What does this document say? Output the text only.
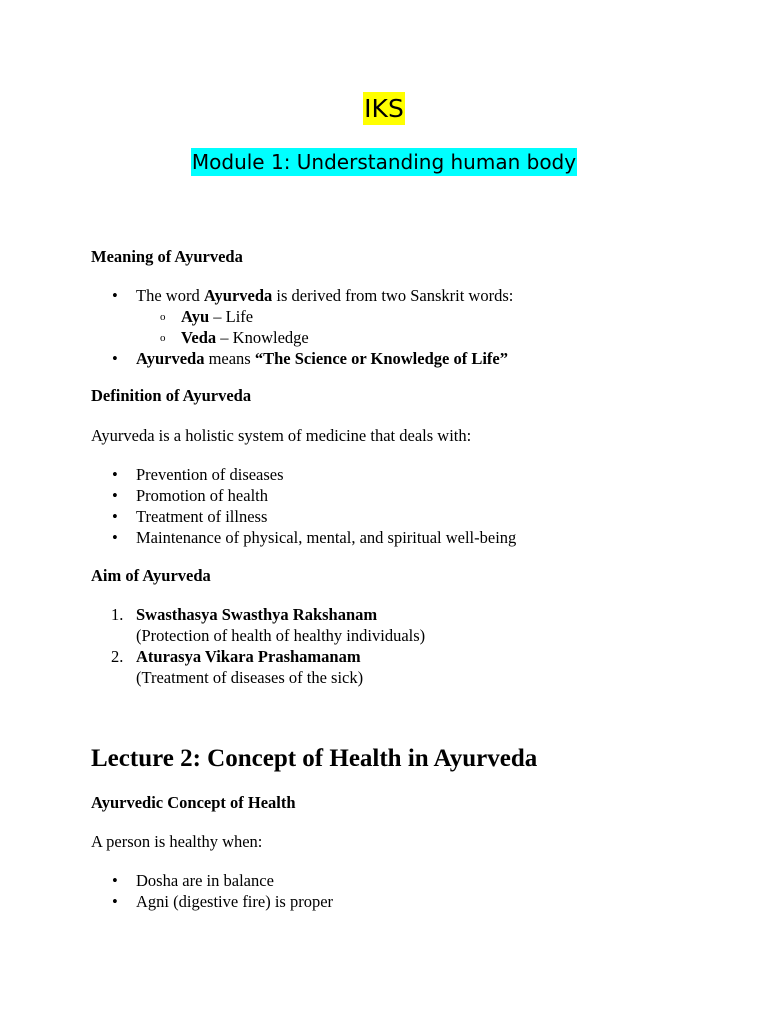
IKS
Module 1: Understanding human body
Meaning of Ayurveda
• The word Ayurveda is derived from two Sanskrit words:
o Ayu – Life
o Veda – Knowledge
• Ayurveda means “The Science or Knowledge of Life”
Definition of Ayurveda

Ayurveda is a holistic system of medicine that deals with:

• Prevention of diseases
• Promotion of health
• Treatment of illness
• Maintenance of physical, mental, and spiritual well-being
Aim of Ayurveda
1. Swasthasya Swasthya Rakshanam
(Protection of health of healthy individuals)
2. Aturasya Vikara Prashamanam
(Treatment of diseases of the sick)
Lecture 2: Concept of Health in Ayurveda
Ayurvedic Concept of Health

A person is healthy when:

• Dosha are in balance
• Agni (digestive fire) is proper
